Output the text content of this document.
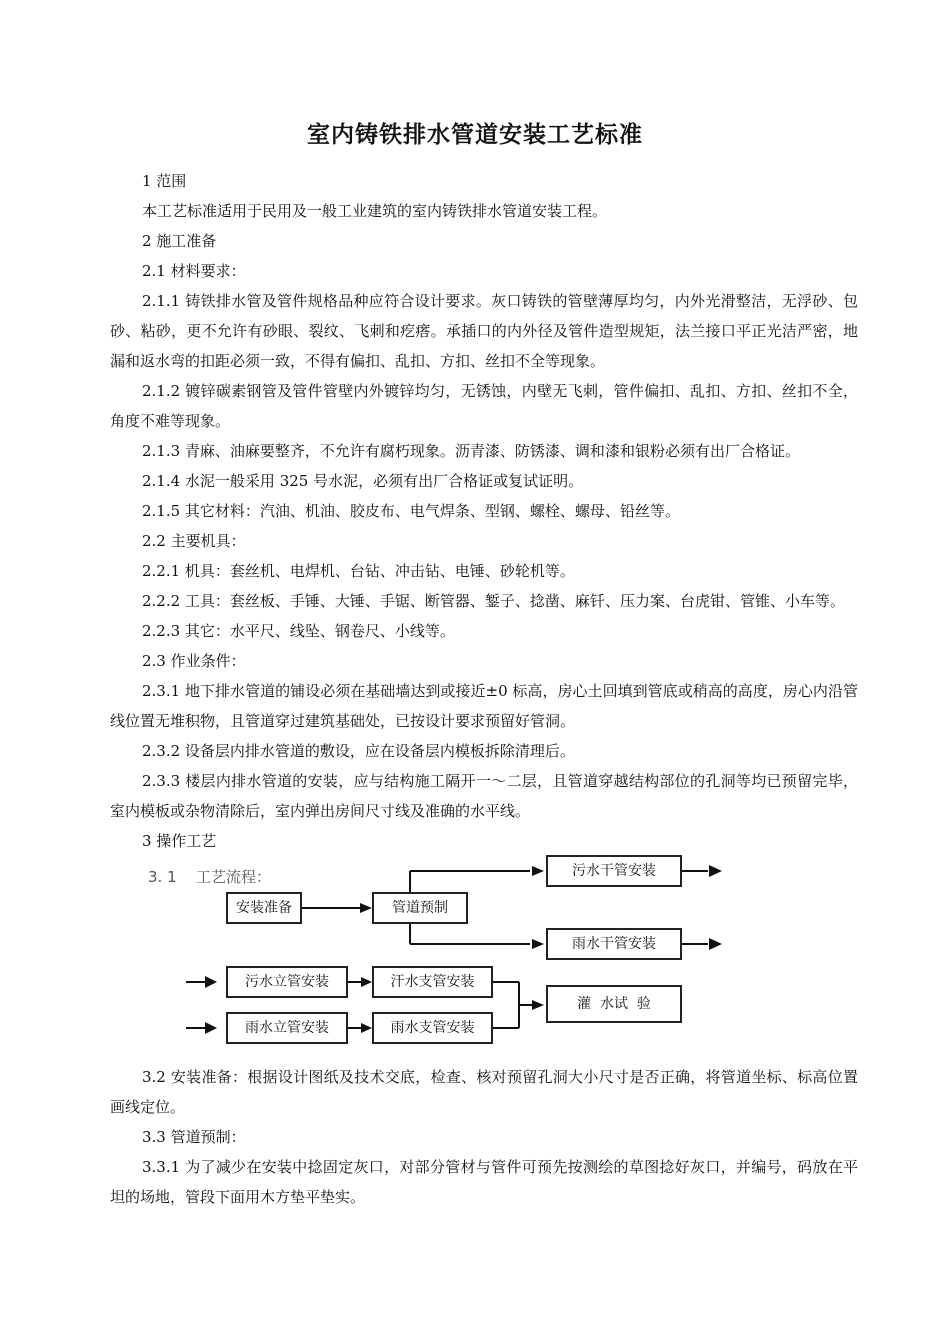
室内铸铁排水管道安装工艺标准

1 范围

本工艺标准适用于民用及一般工业建筑的室内铸铁排水管道安装工程。

2 施工准备

2.1 材料要求：

2.1.1 铸铁排水管及管件规格品种应符合设计要求。灰口铸铁的管壁薄厚均匀，内外光滑整洁，无浮砂、包砂、粘砂，更不允许有砂眼、裂纹、飞刺和疙瘩。承插口的内外径及管件造型规矩，法兰接口平正光洁严密，地漏和返水弯的扣距必须一致，不得有偏扣、乱扣、方扣、丝扣不全等现象。

2.1.2 镀锌碳素钢管及管件管壁内外镀锌均匀，无锈蚀，内壁无飞刺，管件偏扣、乱扣、方扣、丝扣不全，角度不难等现象。

2.1.3 青麻、油麻要整齐，不允许有腐朽现象。沥青漆、防锈漆、调和漆和银粉必须有出厂合格证。

2.1.4 水泥一般采用 325 号水泥，必须有出厂合格证或复试证明。

2.1.5 其它材料：汽油、机油、胶皮布、电气焊条、型钢、螺栓、螺母、铅丝等。

2.2 主要机具：

2.2.1 机具：套丝机、电焊机、台钻、冲击钻、电锤、砂轮机等。

2.2.2 工具：套丝板、手锤、大锤、手锯、断管器、錾子、捻凿、麻钎、压力案、台虎钳、管锥、小车等。

2.2.3 其它：水平尺、线坠、钢卷尺、小线等。

2.3 作业条件：

2.3.1 地下排水管道的铺设必须在基础墙达到或接近±0 标高，房心土回填到管底或稍高的高度，房心内沿管线位置无堆积物，且管道穿过建筑基础处，已按设计要求预留好管洞。

2.3.2 设备层内排水管道的敷设，应在设备层内模板拆除清理后。

2.3.3 楼层内排水管道的安装，应与结构施工隔开一～二层，且管道穿越结构部位的孔洞等均已预留完毕，室内模板或杂物清除后，室内弹出房间尺寸线及准确的水平线。

3 操作工艺

3. 1 工艺流程：
安装准备	管道预制
污水干管安装
雨水干管安装
污水立管安装
雨水立管安装
汗水支管安装
雨水支管安装
灌  水试  验

3.2 安装准备：根据设计图纸及技术交底，检查、核对预留孔洞大小尺寸是否正确，将管道坐标、标高位置画线定位。

3.3 管道预制：

3.3.1 为了减少在安装中捻固定灰口，对部分管材与管件可预先按测绘的草图捻好灰口，并编号，码放在平坦的场地，管段下面用木方垫平垫实。
